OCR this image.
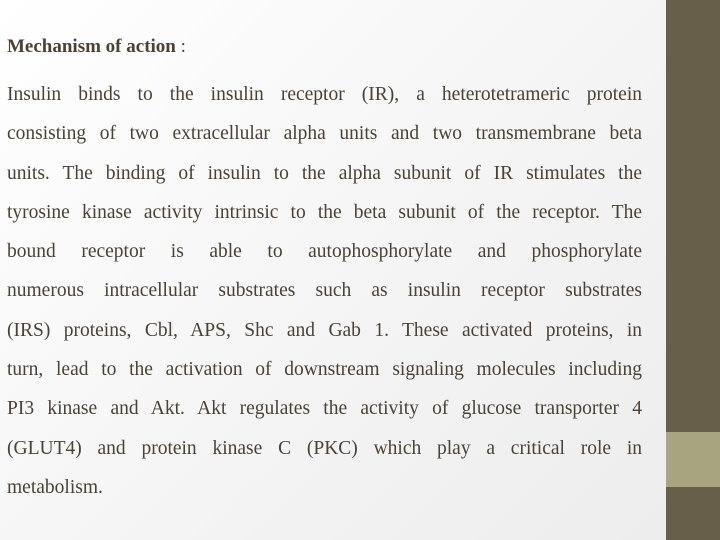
Mechanism of action :
Insulin binds to the insulin receptor (IR), a heterotetrameric protein
consisting of two extracellular alpha units and two transmembrane beta
units. The binding of insulin to the alpha subunit of IR stimulates the
tyrosine kinase activity intrinsic to the beta subunit of the receptor. The
bound receptor is able to autophosphorylate and phosphorylate
numerous intracellular substrates such as insulin receptor substrates
(IRS) proteins, Cbl, APS, Shc and Gab 1. These activated proteins, in
turn, lead to the activation of downstream signaling molecules including
PI3 kinase and Akt. Akt regulates the activity of glucose transporter 4
(GLUT4) and protein kinase C (PKC) which play a critical role in
metabolism.
